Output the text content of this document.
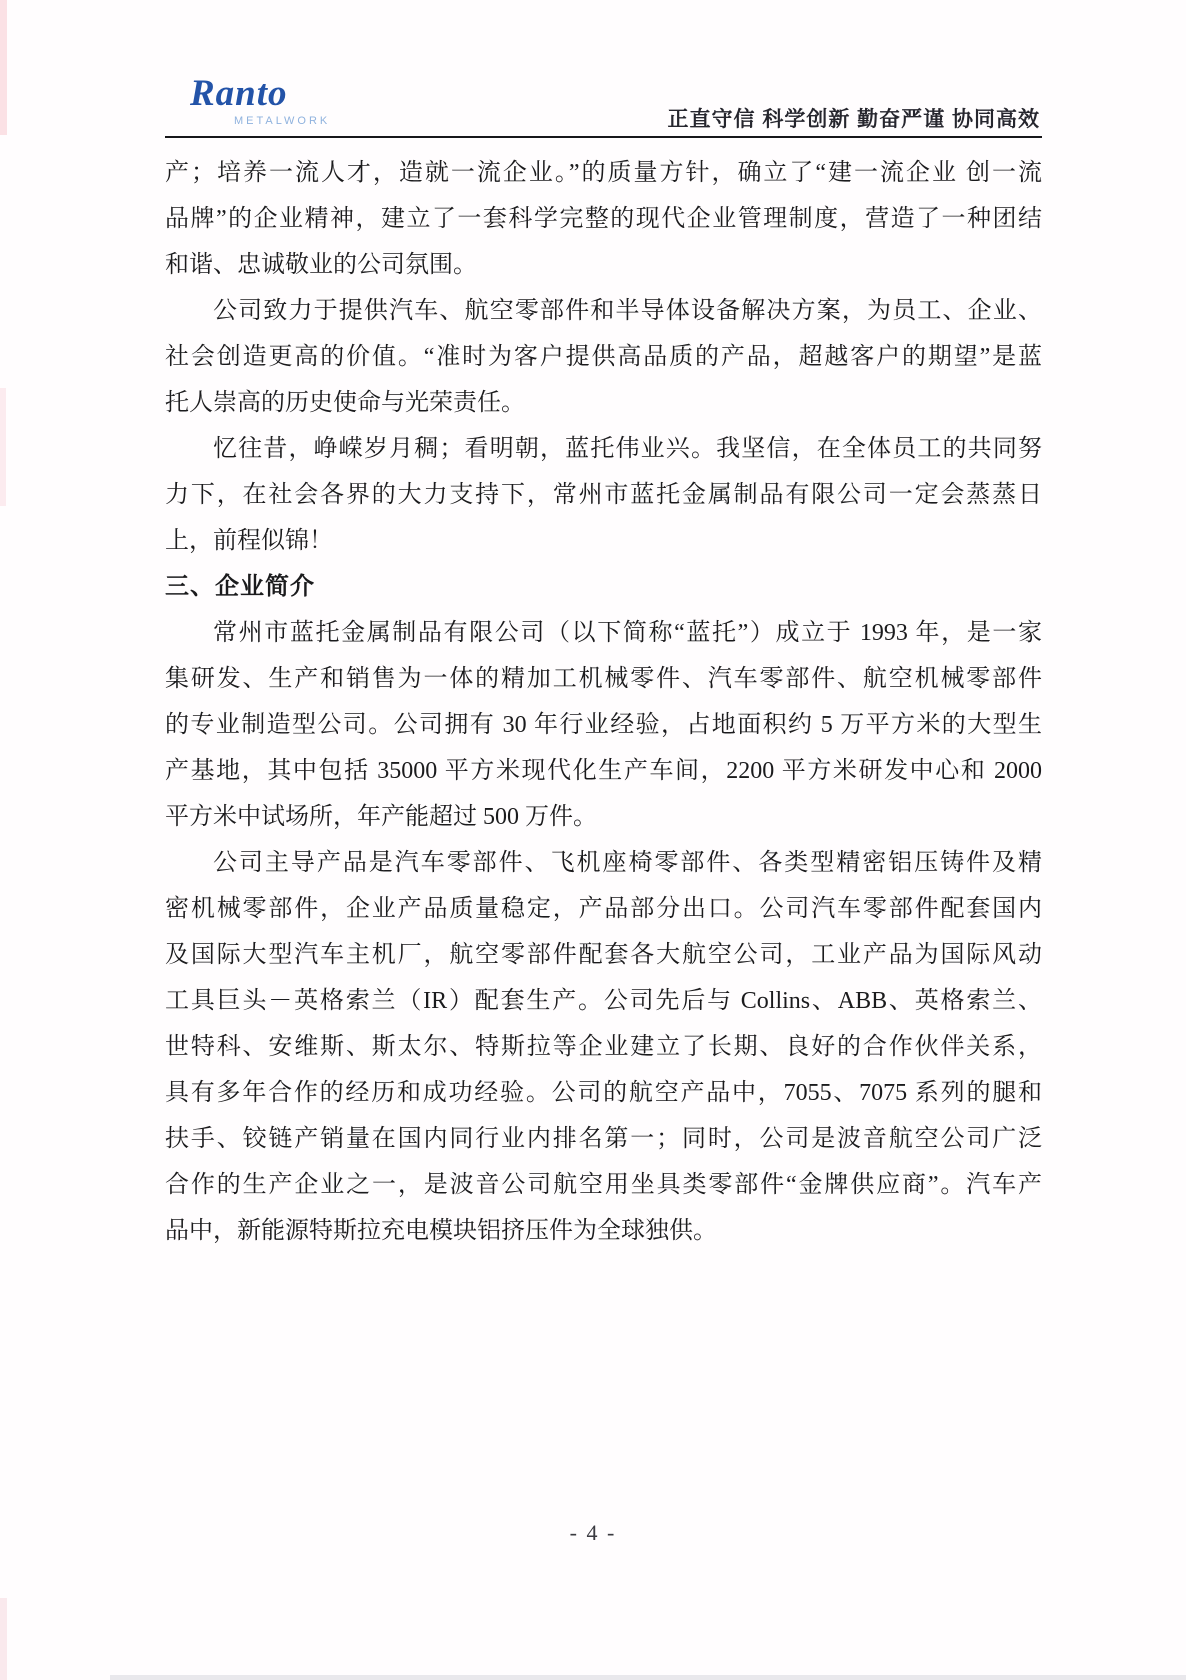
Ranto
METALWORK	正直守信 科学创新 勤奋严谨 协同高效
产；培养一流人才，造就一流企业。”的质量方针，确立了“建一流企业 创一流
品牌”的企业精神，建立了一套科学完整的现代企业管理制度，营造了一种团结
和谐、忠诚敬业的公司氛围。
公司致力于提供汽车、航空零部件和半导体设备解决方案，为员工、企业、
社会创造更高的价值。“准时为客户提供高品质的产品，超越客户的期望”是蓝
托人崇高的历史使命与光荣责任。
忆往昔，峥嵘岁月稠；看明朝，蓝托伟业兴。我坚信，在全体员工的共同努
力下，在社会各界的大力支持下，常州市蓝托金属制品有限公司一定会蒸蒸日
上，前程似锦！
三、企业简介
常州市蓝托金属制品有限公司（以下简称“蓝托”）成立于 1993 年，是一家
集研发、生产和销售为一体的精加工机械零件、汽车零部件、航空机械零部件
的专业制造型公司。公司拥有 30 年行业经验，占地面积约 5 万平方米的大型生
产基地，其中包括 35000 平方米现代化生产车间，2200 平方米研发中心和 2000
平方米中试场所，年产能超过 500 万件。
公司主导产品是汽车零部件、飞机座椅零部件、各类型精密铝压铸件及精
密机械零部件，企业产品质量稳定，产品部分出口。公司汽车零部件配套国内
及国际大型汽车主机厂，航空零部件配套各大航空公司，工业产品为国际风动
工具巨头－英格索兰（IR）配套生产。公司先后与 Collins、ABB、英格索兰、
世特科、安维斯、斯太尔、特斯拉等企业建立了长期、良好的合作伙伴关系，
具有多年合作的经历和成功经验。公司的航空产品中，7055、7075 系列的腿和
扶手、铰链产销量在国内同行业内排名第一；同时，公司是波音航空公司广泛
合作的生产企业之一，是波音公司航空用坐具类零部件“金牌供应商”。汽车产
品中，新能源特斯拉充电模块铝挤压件为全球独供。
- 4 -
